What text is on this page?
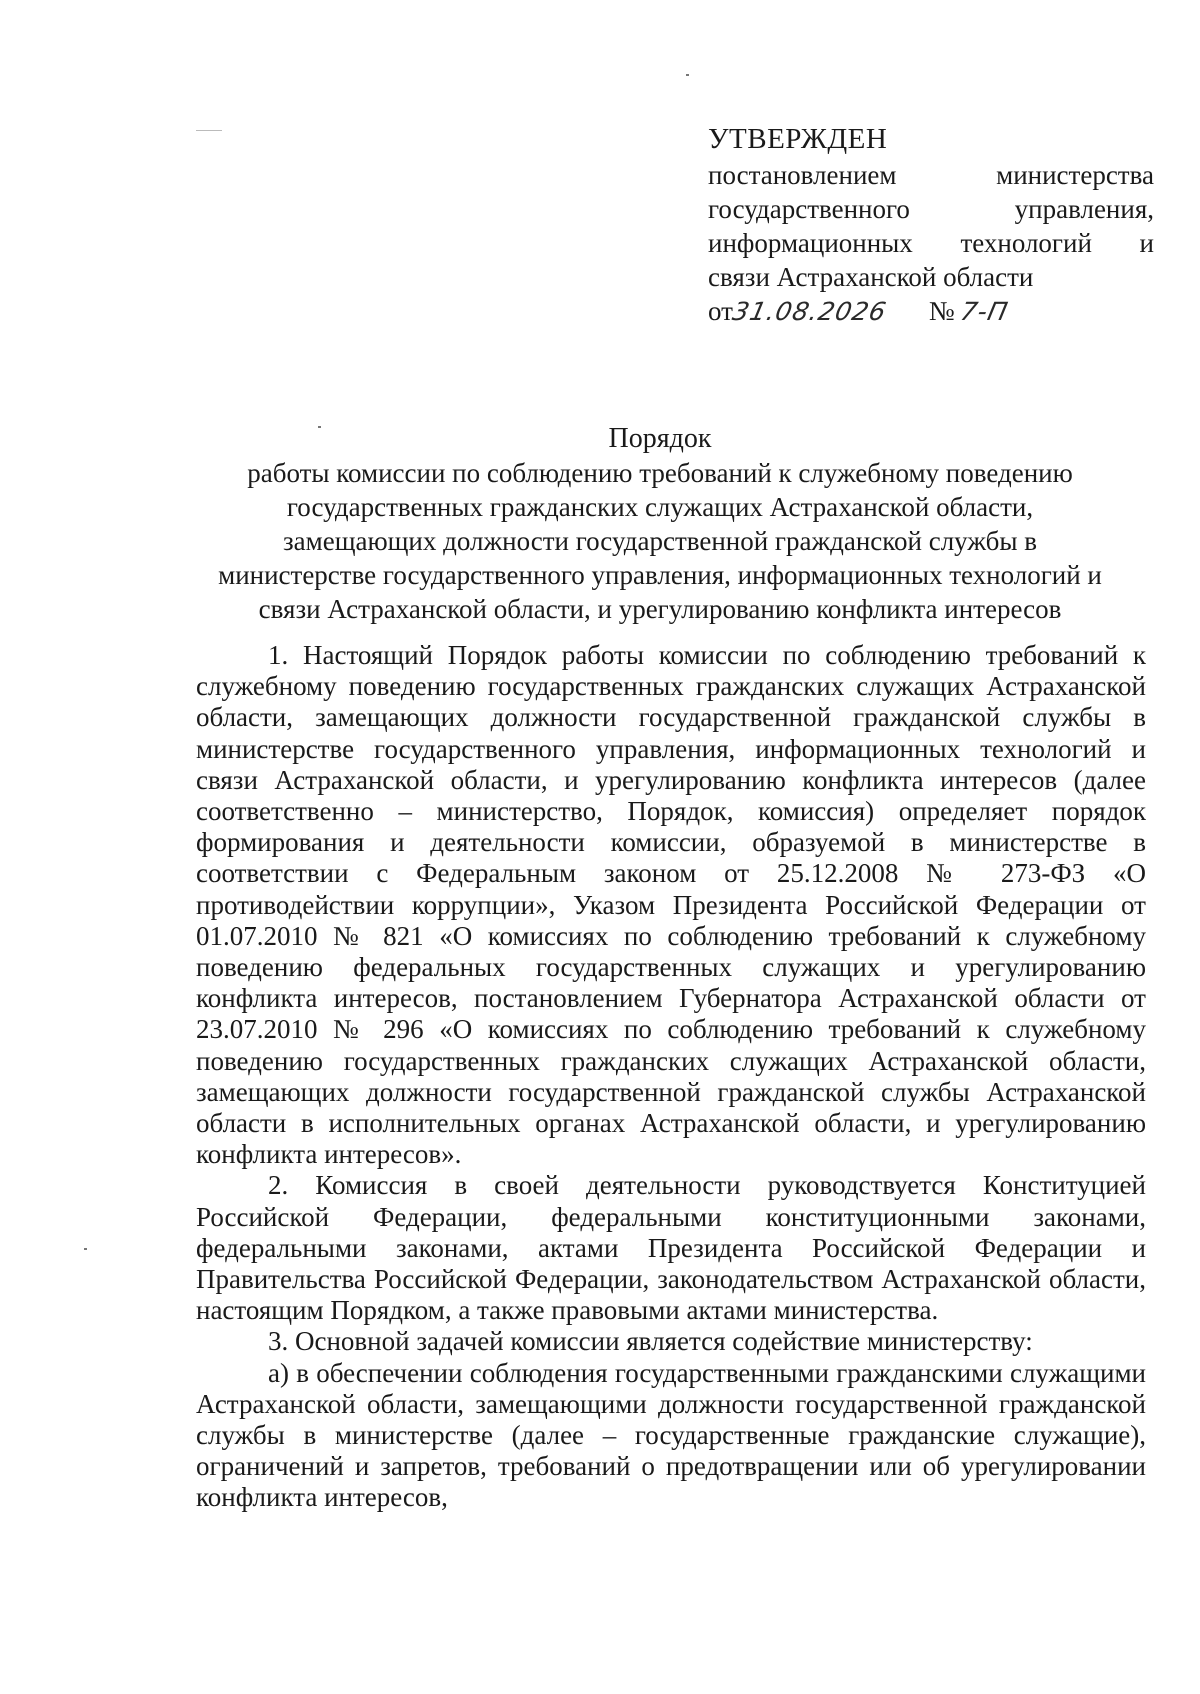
УТВЕРЖДЕН
постановлением министерства
государственного управления,
информационных технологий и
связи Астраханской области
от31.08.2026 № 7-П
Порядок
работы комиссии по соблюдению требований к служебному поведению
государственных гражданских служащих Астраханской области,
замещающих должности государственной гражданской службы в
министерстве государственного управления, информационных технологий и
связи Астраханской области, и урегулированию конфликта интересов

1. Настоящий Порядок работы комиссии по соблюдению требований к служебному поведению государственных гражданских служащих Астраханской области, замещающих должности государственной гражданской службы в министерстве государственного управления, информационных технологий и связи Астраханской области, и урегулированию конфликта интересов (далее соответственно – министерство, Порядок, комиссия) определяет порядок формирования и деятельности комиссии, образуемой в министерстве в соответствии с Федеральным законом от 25.12.2008 № 273-ФЗ «О противодействии коррупции», Указом Президента Российской Федерации от 01.07.2010 № 821 «О комиссиях по соблюдению требований к служебному поведению федеральных государственных служащих и урегулированию конфликта интересов, постановлением Губернатора Астраханской области от 23.07.2010 № 296 «О комиссиях по соблюдению требований к служебному поведению государственных гражданских служащих Астраханской области, замещающих должности государственной гражданской службы Астраханской области в исполнительных органах Астраханской области, и урегулированию конфликта интересов».

2. Комиссия в своей деятельности руководствуется Конституцией Российской Федерации, федеральными конституционными законами, федеральными законами, актами Президента Российской Федерации и Правительства Российской Федерации, законодательством Астраханской области, настоящим Порядком, а также правовыми актами министерства.

3. Основной задачей комиссии является содействие министерству:

а) в обеспечении соблюдения государственными гражданскими служащими Астраханской области, замещающими должности государственной гражданской службы в министерстве (далее – государственные гражданские служащие), ограничений и запретов, требований о предотвращении или об урегулировании конфликта интересов,
